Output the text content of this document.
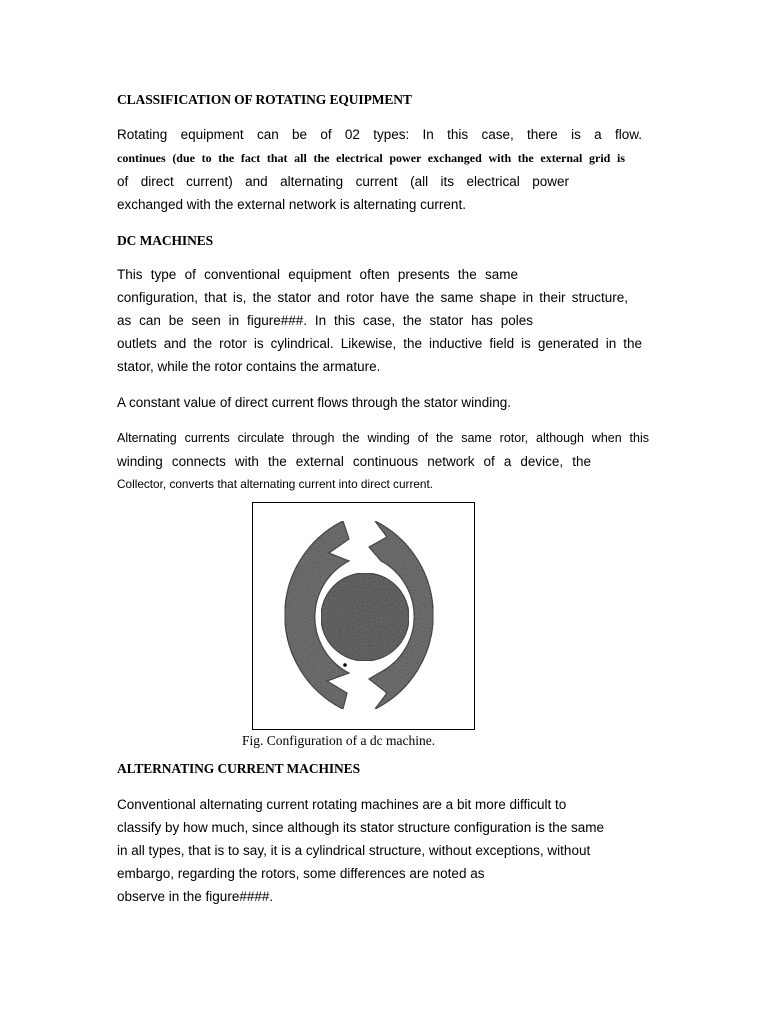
CLASSIFICATION OF ROTATING EQUIPMENT
Rotating equipment can be of 02 types: In this case, there is a flow.
continues (due to the fact that all the electrical power exchanged with the external grid is
of direct current) and alternating current (all its electrical power
exchanged with the external network is alternating current.
DC MACHINES
This type of conventional equipment often presents the same
configuration, that is, the stator and rotor have the same shape in their structure,
as can be seen in figure###. In this case, the stator has poles
outlets and the rotor is cylindrical. Likewise, the inductive field is generated in the
stator, while the rotor contains the armature.
A constant value of direct current flows through the stator winding.
Alternating currents circulate through the winding of the same rotor, although when this
winding connects with the external continuous network of a device, the
Collector, converts that alternating current into direct current.
Fig. Configuration of a dc machine.
ALTERNATING CURRENT MACHINES
Conventional alternating current rotating machines are a bit more difficult to
classify by how much, since although its stator structure configuration is the same
in all types, that is to say, it is a cylindrical structure, without exceptions, without
embargo, regarding the rotors, some differences are noted as
observe in the figure####.
